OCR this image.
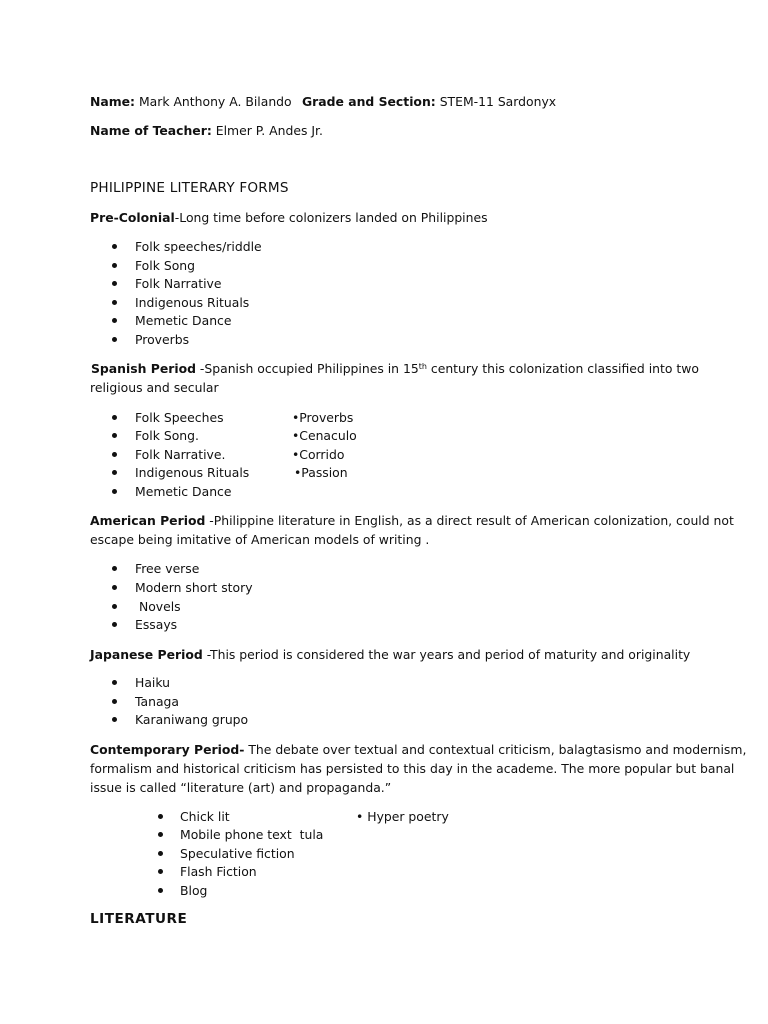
Name: Mark Anthony A. Bilando Grade and Section: STEM-11 Sardonyx
Name of Teacher: Elmer P. Andes Jr.
PHILIPPINE LITERARY FORMS
Pre-Colonial-Long time before colonizers landed on Philippines
Folk speeches/riddle
Folk Song
Folk Narrative
Indigenous Rituals
Memetic Dance
Proverbs
Spanish Period -Spanish occupied Philippines in 15th century this colonization classified into two
religious and secular
Folk Speeches
Folk Song.
Folk Narrative.
Indigenous Rituals
Memetic Dance
•Proverbs
•Cenaculo
•Corrido
•Passion
American Period -Philippine literature in English, as a direct result of American colonization, could not
escape being imitative of American models of writing .
Free verse
Modern short story
Novels
Essays
Japanese Period -This period is considered the war years and period of maturity and originality
Haiku
Tanaga
Karaniwang grupo
Contemporary Period- The debate over textual and contextual criticism, balagtasismo and modernism,
formalism and historical criticism has persisted to this day in the academe. The more popular but banal
issue is called “literature (art) and propaganda.”
Chick lit
Mobile phone text  tula
Speculative fiction
Flash Fiction
Blog
• Hyper poetry
LITERATURE
